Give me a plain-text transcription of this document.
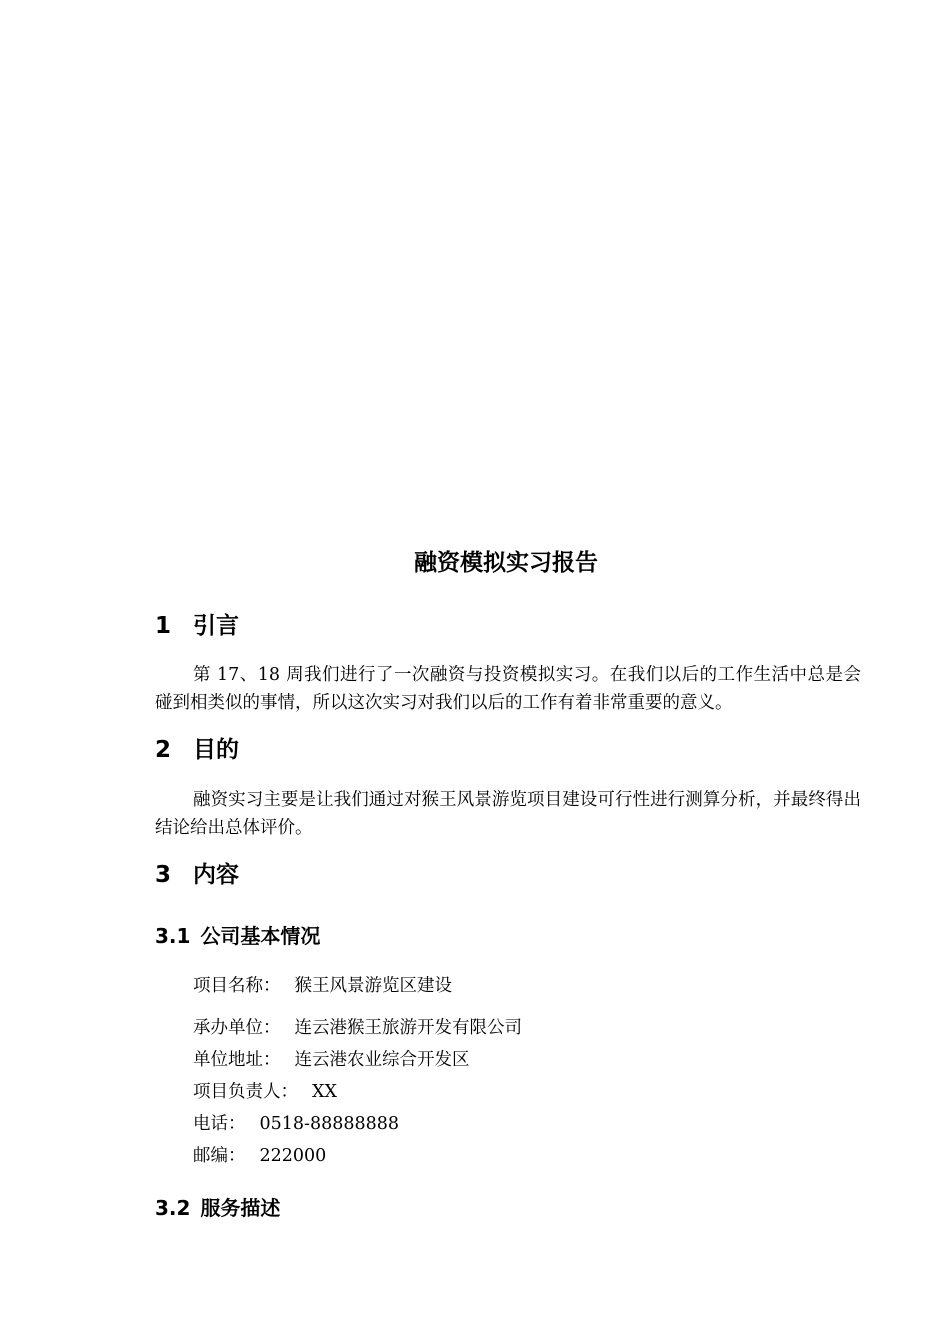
融资模拟实习报告
1 引言

第 17、18 周我们进行了一次融资与投资模拟实习。在我们以后的工作生活中总是会碰到相类似的事情，所以这次实习对我们以后的工作有着非常重要的意义。

2 目的

融资实习主要是让我们通过对猴王风景游览项目建设可行性进行测算分析，并最终得出结论给出总体评价。

3 内容
3.1 公司基本情况

项目名称： 猴王风景游览区建设

承办单位： 连云港猴王旅游开发有限公司

单位地址： 连云港农业综合开发区

项目负责人： XX

电话： 0518-88888888

邮编： 222000

3.2 服务描述
